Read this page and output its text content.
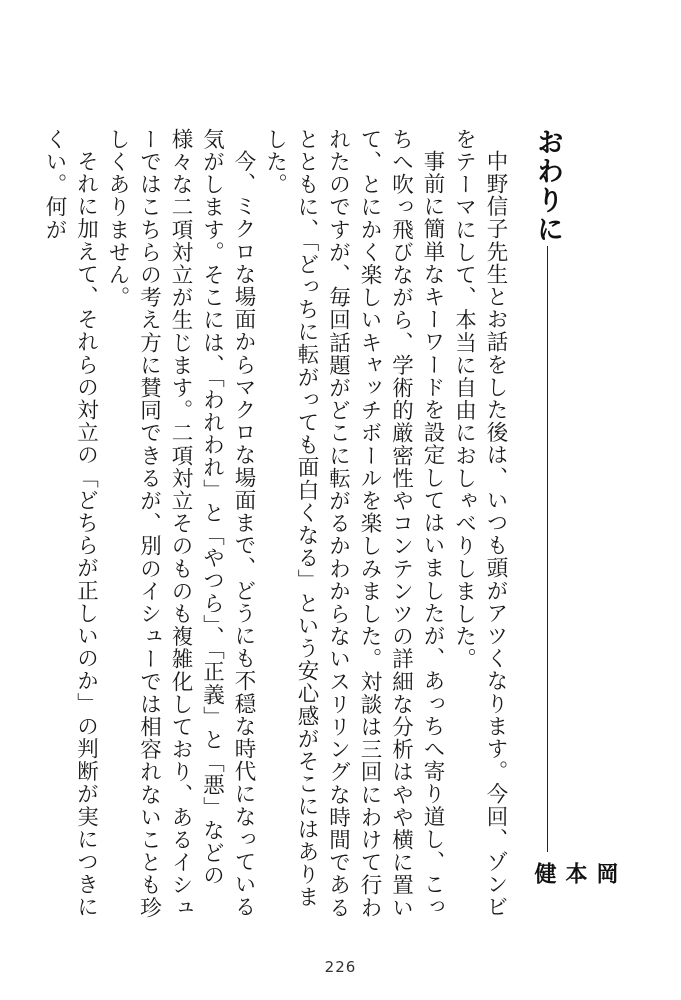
おわりに
岡本健

中野信子先生とお話をした後は、いつも頭がアツくなります。今回、ゾンビをテーマにして、本当に自由におしゃべりしました。

事前に簡単なキーワードを設定してはいましたが、あっちへ寄り道し、こっちへ吹っ飛びながら、学術的厳密性やコンテンツの詳細な分析はやや横に置いて、とにかく楽しいキャッチボールを楽しみました。対談は三回にわけて行われたのですが、毎回話題がどこに転がるかわからないスリリングな時間であるとともに、「どっちに転がっても面白くなる」という安心感がそこにはありました。

今、ミクロな場面からマクロな場面まで、どうにも不穏な時代になっている気がします。そこには、「われわれ」と「やつら」、「正義」と「悪」などの様々な二項対立が生じます。二項対立そのものも複雑化しており、あるイシューではこちらの考え方に賛同できるが、別のイシューでは相容れないことも珍しくありません。

それに加えて、それらの対立の「どちらが正しいのか」の判断が実につきにくい。何が

226
